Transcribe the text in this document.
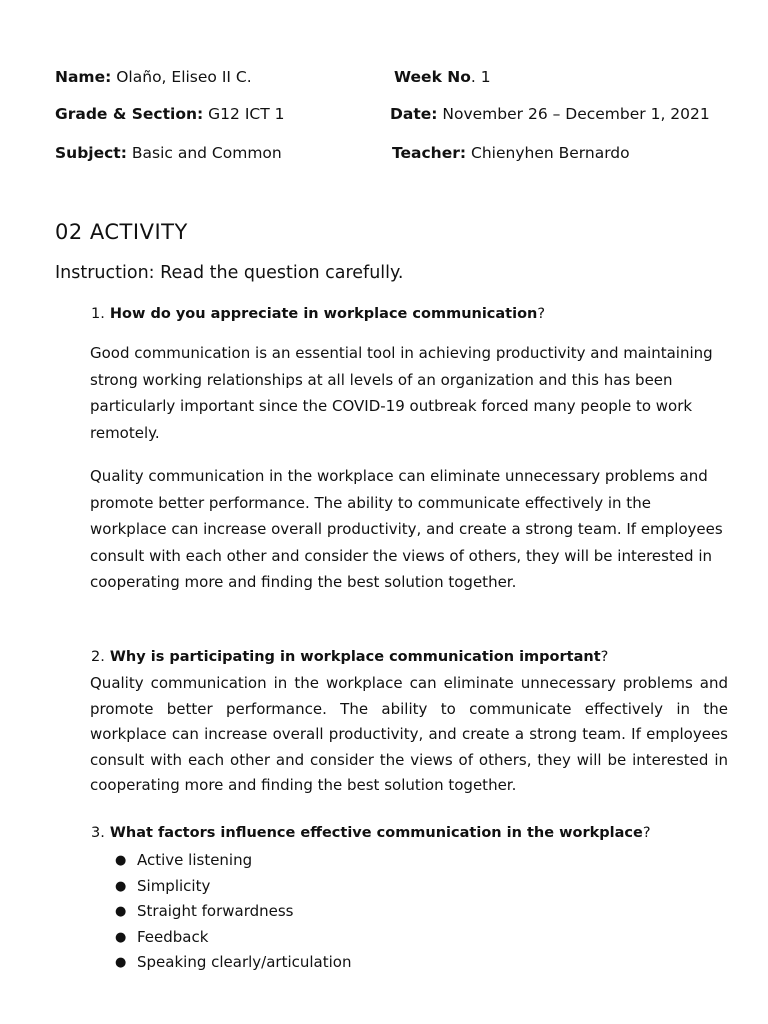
Name: Olaño, Eliseo II C.	Week No. 1
Grade & Section: G12 ICT 1	Date: November 26 – December 1, 2021
Subject: Basic and Common	Teacher: Chienyhen Bernardo
02 ACTIVITY
Instruction: Read the question carefully.
1. How do you appreciate in workplace communication?

Good communication is an essential tool in achieving productivity and maintaining strong working relationships at all levels of an organization and this has been particularly important since the COVID-19 outbreak forced many people to work remotely.

Quality communication in the workplace can eliminate unnecessary problems and promote better performance. The ability to communicate effectively in the workplace can increase overall productivity, and create a strong team. If employees consult with each other and consider the views of others, they will be interested in cooperating more and finding the best solution together.

2. Why is participating in workplace communication important?

Quality communication in the workplace can eliminate unnecessary problems and promote better performance. The ability to communicate effectively in the workplace can increase overall productivity, and create a strong team. If employees consult with each other and consider the views of others, they will be interested in cooperating more and finding the best solution together.

3. What factors influence effective communication in the workplace?
● Active listening
● Simplicity
● Straight forwardness
● Feedback
● Speaking clearly/articulation
